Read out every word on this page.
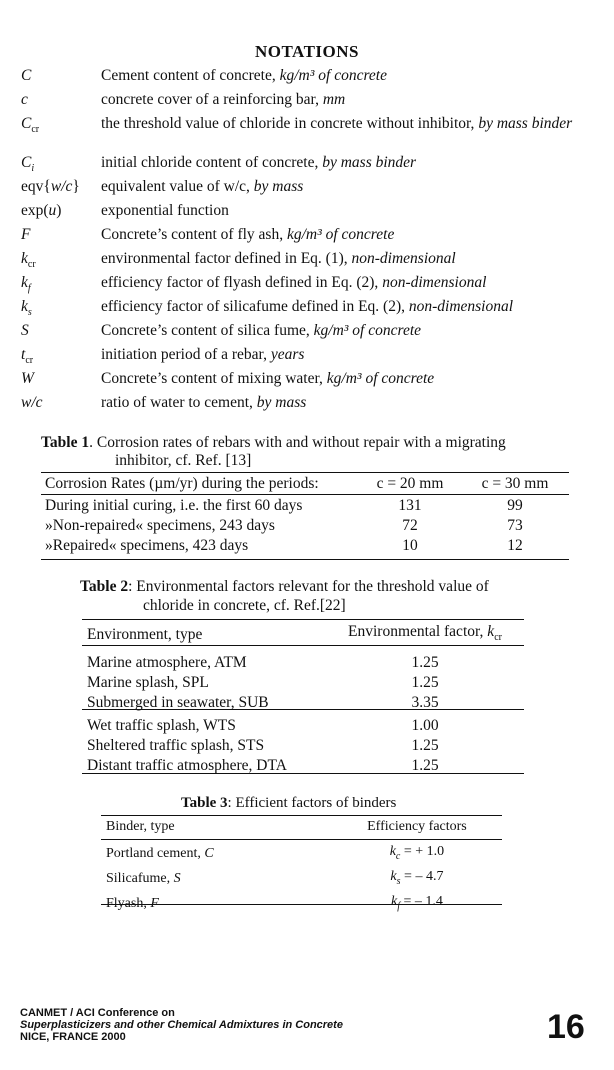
NOTATIONS
C	Cement content of concrete, kg/m³ of concrete
c	concrete cover of a reinforcing bar, mm
$C_{cr}$	the threshold value of chloride in concrete without inhibitor, by mass binder
$C_i$	initial chloride content of concrete, by mass binder
eqv{w/c}	equivalent value of w/c, by mass
exp(u)	exponential function
F	Concrete’s content of fly ash, kg/m³ of concrete
$k_{cr}$	environmental factor defined in Eq. (1), non-dimensional
$k_f$	efficiency factor of flyash defined in Eq. (2), non-dimensional
$k_s$	efficiency factor of silicafume defined in Eq. (2), non-dimensional
S	Concrete’s content of silica fume, kg/m³ of concrete
$t_{cr}$	initiation period of a rebar, years
W	Concrete’s content of mixing water, kg/m³ of concrete
w/c	ratio of water to cement, by mass
Table 1. Corrosion rates of rebars with and without repair with a migrating
inhibitor, cf. Ref. [13]
Corrosion Rates (µm/yr) during the periods:	c = 20 mm	c = 30 mm

During initial curing, i.e. the first 60 days	131	99
»Non-repaired« specimens, 243 days	72	73
»Repaired« specimens, 423 days	10	12
Table 2: Environmental factors relevant for the threshold value of
chloride in concrete, cf. Ref.[22]
Environment, type	Environmental factor, $k_{cr}$

Marine atmosphere, ATM	1.25
Marine splash, SPL	1.25
Submerged in seawater, SUB	3.35

Wet traffic splash, WTS	1.00
Sheltered traffic splash, STS	1.25
Distant traffic atmosphere, DTA	1.25
Table 3: Efficient factors of binders
Binder, type	Efficiency factors

Portland cement, C	$k_c$ = + 1.0
Silicafume, S	$k_s$ = – 4.7
Flyash, F	$k_f$ = – 1.4
CANMET / ACI Conference on
Superplasticizers and other Chemical Admixtures in Concrete
NICE, FRANCE 2000	16
